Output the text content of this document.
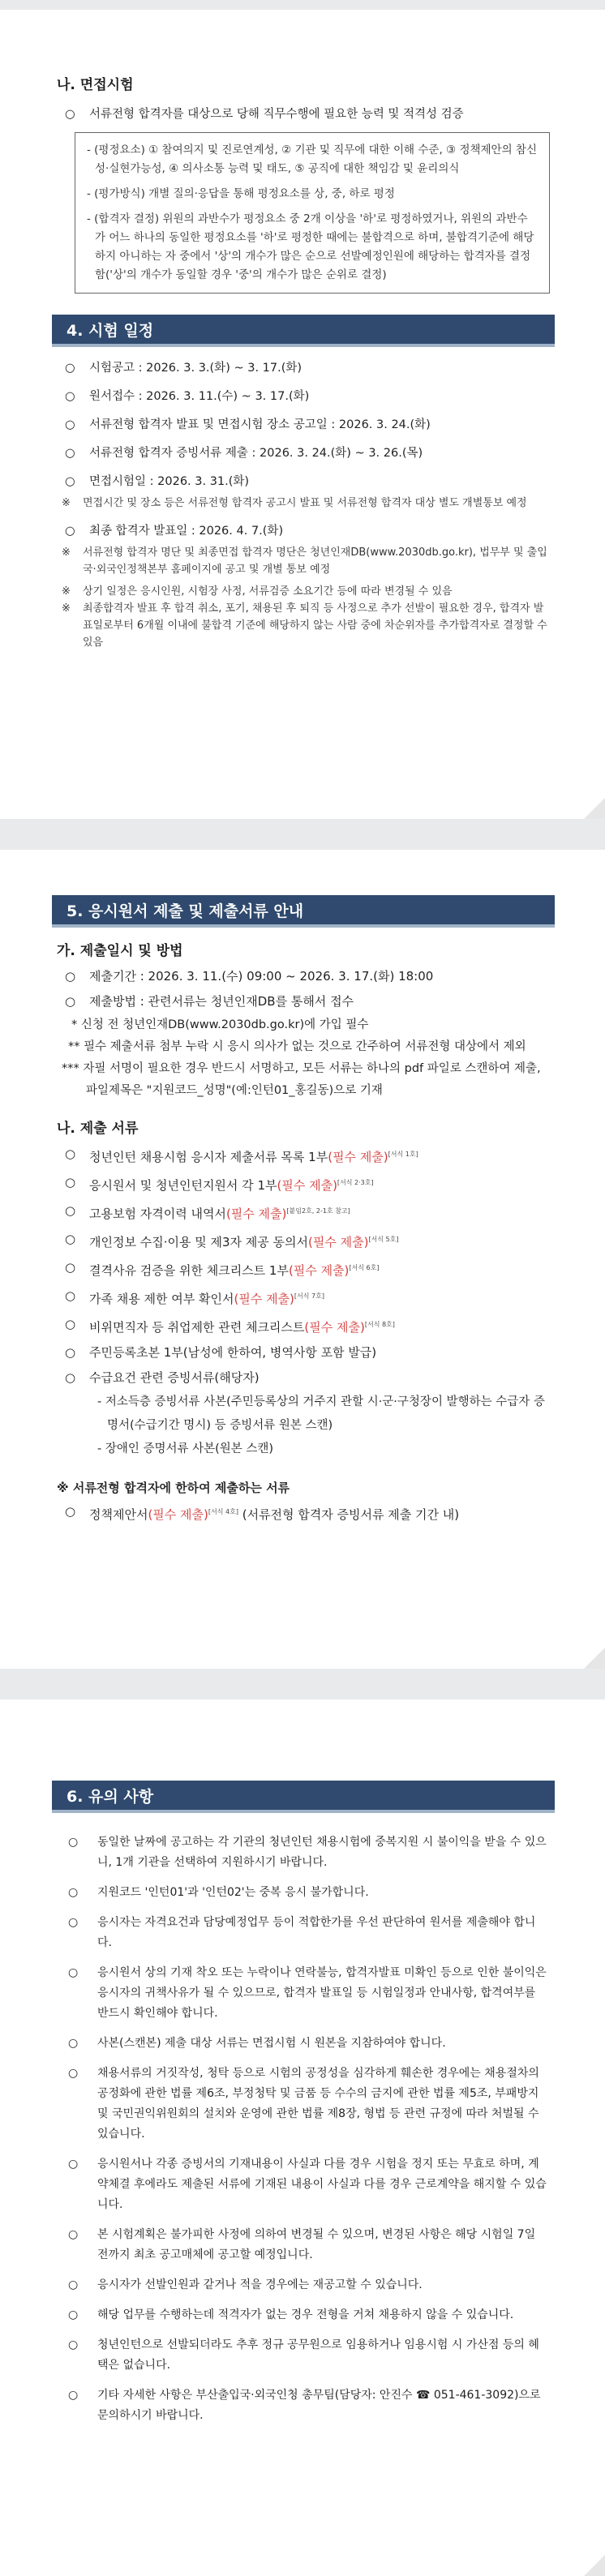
나. 면접시험

○ 서류전형 합격자를 대상으로 당해 직무수행에 필요한 능력 및 적격성 검증

- (평정요소) ① 참여의지 및 진로연계성, ② 기관 및 직무에 대한 이해 수준, ③ 정책제안의 참신성·실현가능성, ④ 의사소통 능력 및 태도, ⑤ 공직에 대한 책임감 및 윤리의식

- (평가방식) 개별 질의·응답을 통해 평정요소를 상, 중, 하로 평정

- (합격자 결정) 위원의 과반수가 평정요소 중 2개 이상을 '하'로 평정하였거나, 위원의 과반수가 어느 하나의 동일한 평정요소를 '하'로 평정한 때에는 불합격으로 하며, 불합격기준에 해당하지 아니하는 자 중에서 '상'의 개수가 많은 순으로 선발예정인원에 해당하는 합격자를 결정함('상'의 개수가 동일할 경우 '중'의 개수가 많은 순위로 결정)

4. 시험 일정

○ 시험공고 : 2026. 3. 3.(화) ~ 3. 17.(화)

○ 원서접수 : 2026. 3. 11.(수) ~ 3. 17.(화)

○ 서류전형 합격자 발표 및 면접시험 장소 공고일 : 2026. 3. 24.(화)

○ 서류전형 합격자 증빙서류 제출 : 2026. 3. 24.(화) ~ 3. 26.(목)

○ 면접시험일 : 2026. 3. 31.(화)

※ 면접시간 및 장소 등은 서류전형 합격자 공고시 발표 및 서류전형 합격자 대상 별도 개별통보 예정

○ 최종 합격자 발표일 : 2026. 4. 7.(화)

※ 서류전형 합격자 명단 및 최종면접 합격자 명단은 청년인재DB(www.2030db.go.kr), 법무부 및 출입국·외국인정책본부 홈페이지에 공고 및 개별 통보 예정

※ 상기 일정은 응시인원, 시험장 사정, 서류검증 소요기간 등에 따라 변경될 수 있음

※ 최종합격자 발표 후 합격 취소, 포기, 채용된 후 퇴직 등 사정으로 추가 선발이 필요한 경우, 합격자 발표일로부터 6개월 이내에 불합격 기준에 해당하지 않는 사람 중에 차순위자를 추가합격자로 결정할 수 있음

5. 응시원서 제출 및 제출서류 안내

가. 제출일시 및 방법

○ 제출기간 : 2026. 3. 11.(수) 09:00 ~ 2026. 3. 17.(화) 18:00

○ 제출방법 : 관련서류는 청년인재DB를 통해서 접수

* 신청 전 청년인재DB(www.2030db.go.kr)에 가입 필수

** 필수 제출서류 첨부 누락 시 응시 의사가 없는 것으로 간주하여 서류전형 대상에서 제외

*** 자필 서명이 필요한 경우 반드시 서명하고, 모든 서류는 하나의 pdf 파일로 스캔하여 제출, 파일제목은 "지원코드_성명"(예:인턴01_홍길동)으로 기재

나. 제출 서류

○ 청년인턴 채용시험 응시자 제출서류 목록 1부(필수 제출)[서식 1호]

○ 응시원서 및 청년인턴지원서 각 1부(필수 제출)[서식 2·3호]

○ 고용보험 자격이력 내역서(필수 제출)[붙임2호, 2-1호 참고]

○ 개인정보 수집·이용 및 제3자 제공 동의서(필수 제출)[서식 5호]

○ 결격사유 검증을 위한 체크리스트 1부(필수 제출)[서식 6호]

○ 가족 채용 제한 여부 확인서(필수 제출)[서식 7호]

○ 비위면직자 등 취업제한 관련 체크리스트(필수 제출)[서식 8호]

○ 주민등록초본 1부(남성에 한하여, 병역사항 포함 발급)

○ 수급요건 관련 증빙서류(해당자)

- 저소득층 증빙서류 사본(주민등록상의 거주지 관할 시·군·구청장이 발행하는 수급자 증명서(수급기간 명시) 등 증빙서류 원본 스캔)

- 장애인 증명서류 사본(원본 스캔)

※ 서류전형 합격자에 한하여 제출하는 서류

○ 정책제안서(필수 제출)[서식 4호] (서류전형 합격자 증빙서류 제출 기간 내)

6. 유의 사항

○ 동일한 날짜에 공고하는 각 기관의 청년인턴 채용시험에 중복지원 시 불이익을 받을 수 있으니, 1개 기관을 선택하여 지원하시기 바랍니다.

○ 지원코드 '인턴01'과 '인턴02'는 중복 응시 불가합니다.

○ 응시자는 자격요건과 담당예정업무 등이 적합한가를 우선 판단하여 원서를 제출해야 합니다.

○ 응시원서 상의 기재 착오 또는 누락이나 연락불능, 합격자발표 미확인 등으로 인한 불이익은 응시자의 귀책사유가 될 수 있으므로, 합격자 발표일 등 시험일정과 안내사항, 합격여부를 반드시 확인해야 합니다.

○ 사본(스캔본) 제출 대상 서류는 면접시험 시 원본을 지참하여야 합니다.

○ 채용서류의 거짓작성, 청탁 등으로 시험의 공정성을 심각하게 훼손한 경우에는 채용절차의 공정화에 관한 법률 제6조, 부정청탁 및 금품 등 수수의 금지에 관한 법률 제5조, 부패방지 및 국민권익위원회의 설치와 운영에 관한 법률 제8장, 형법 등 관련 규정에 따라 처벌될 수 있습니다.

○ 응시원서나 각종 증빙서의 기재내용이 사실과 다를 경우 시험을 정지 또는 무효로 하며, 계약체결 후에라도 제출된 서류에 기재된 내용이 사실과 다를 경우 근로계약을 해지할 수 있습니다.

○ 본 시험계획은 불가피한 사정에 의하여 변경될 수 있으며, 변경된 사항은 해당 시험일 7일 전까지 최초 공고매체에 공고할 예정입니다.

○ 응시자가 선발인원과 같거나 적을 경우에는 재공고할 수 있습니다.

○ 해당 업무를 수행하는데 적격자가 없는 경우 전형을 거쳐 채용하지 않을 수 있습니다.

○ 청년인턴으로 선발되더라도 추후 정규 공무원으로 임용하거나 임용시험 시 가산점 등의 혜택은 없습니다.

○ 기타 자세한 사항은 부산출입국·외국인청 총무팀(담당자: 안진수 ☎ 051-461-3092)으로 문의하시기 바랍니다.
